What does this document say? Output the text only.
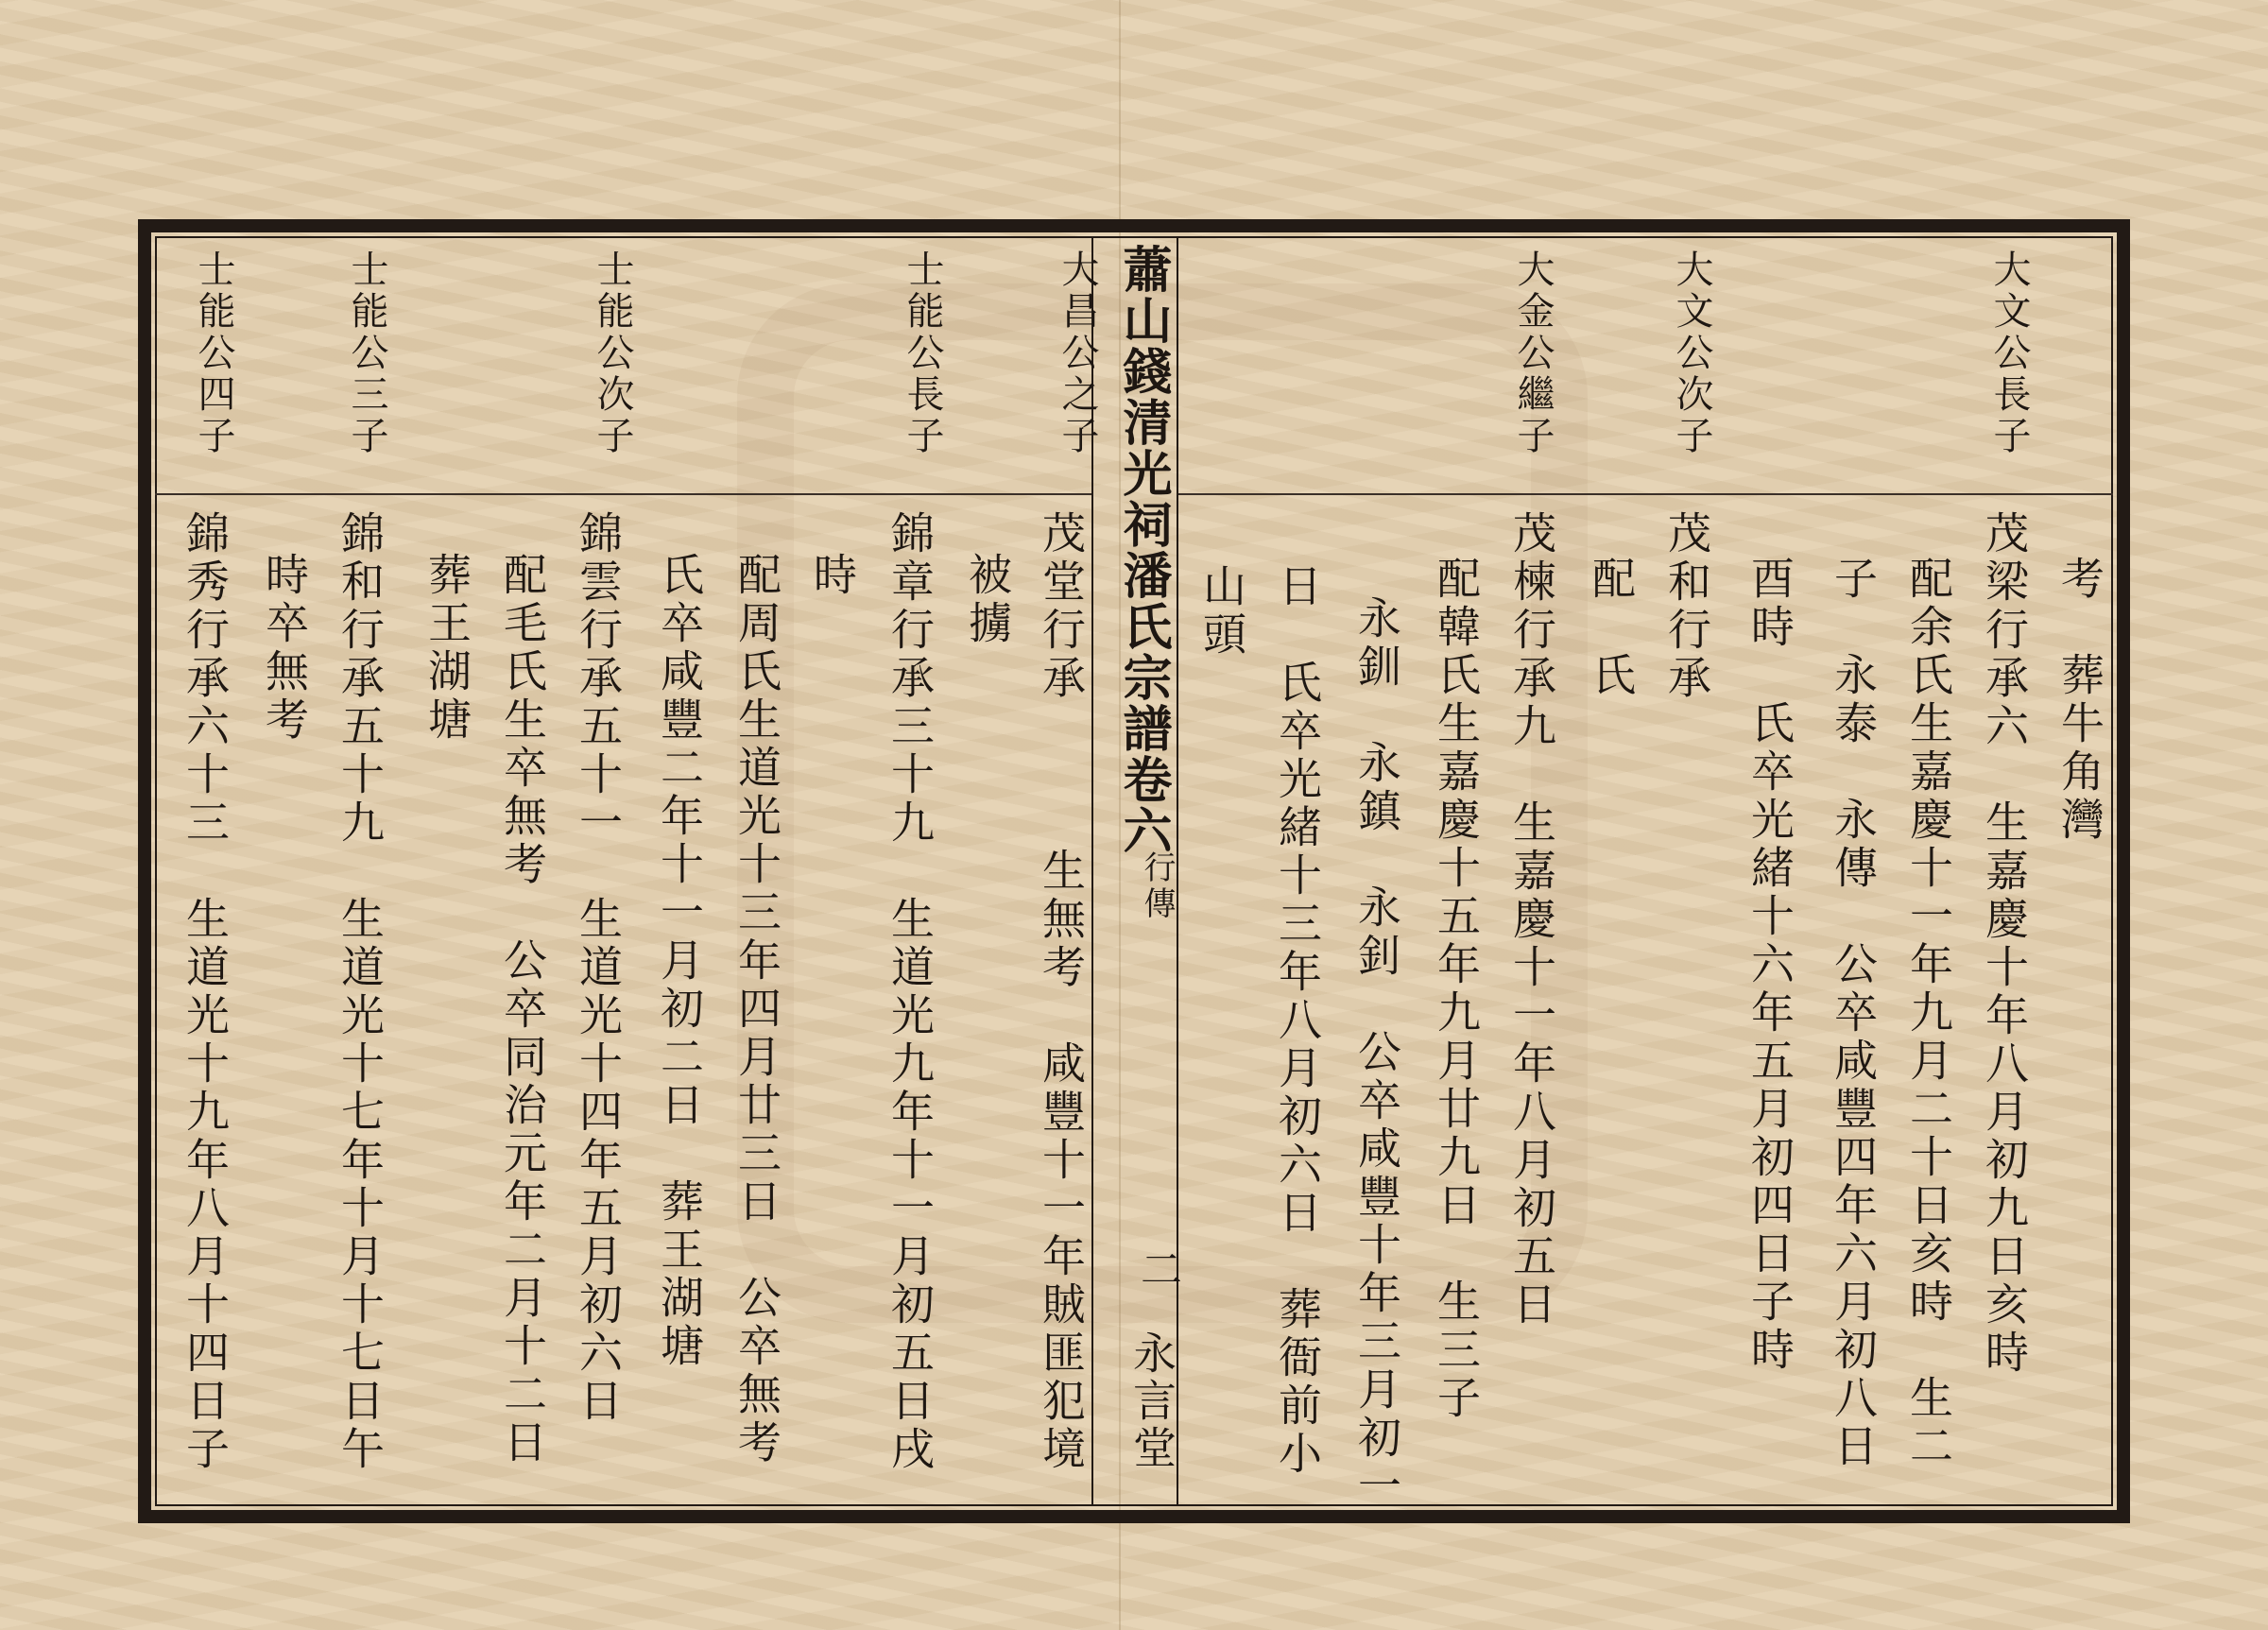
蕭山錢清光祠潘氏宗譜卷六
行傳
二
永言堂
大文公長子
大文公次子
大金公繼子
考　葬牛角灣
茂梁行承六　生嘉慶十年八月初九日亥時
配余氏生嘉慶十一年九月二十日亥時　生二
子　永泰　永傳　公卒咸豐四年六月初八日
酉時　氏卒光緒十六年五月初四日子時
茂和行承
配　氏
茂楝行承九　生嘉慶十一年八月初五日
配韓氏生嘉慶十五年九月廿九日　生三子
永釧　永鎮　永釗　公卒咸豐十年三月初一
日　氏卒光緒十三年八月初六日　葬衙前小
山頭
大昌公之子
士能公長子
士能公次子
士能公三子
士能公四子
茂堂行承　　　生無考　咸豐十一年賊匪犯境
被擄
錦章行承三十九　生道光九年十一月初五日戌
時
配周氏生道光十三年四月廿三日　公卒無考
氏卒咸豐二年十一月初二日　葬王湖塘
錦雲行承五十一　生道光十四年五月初六日
配毛氏生卒無考　公卒同治元年二月十二日
葬王湖塘
錦和行承五十九　生道光十七年十月十七日午
時卒無考
錦秀行承六十三　生道光十九年八月十四日子
